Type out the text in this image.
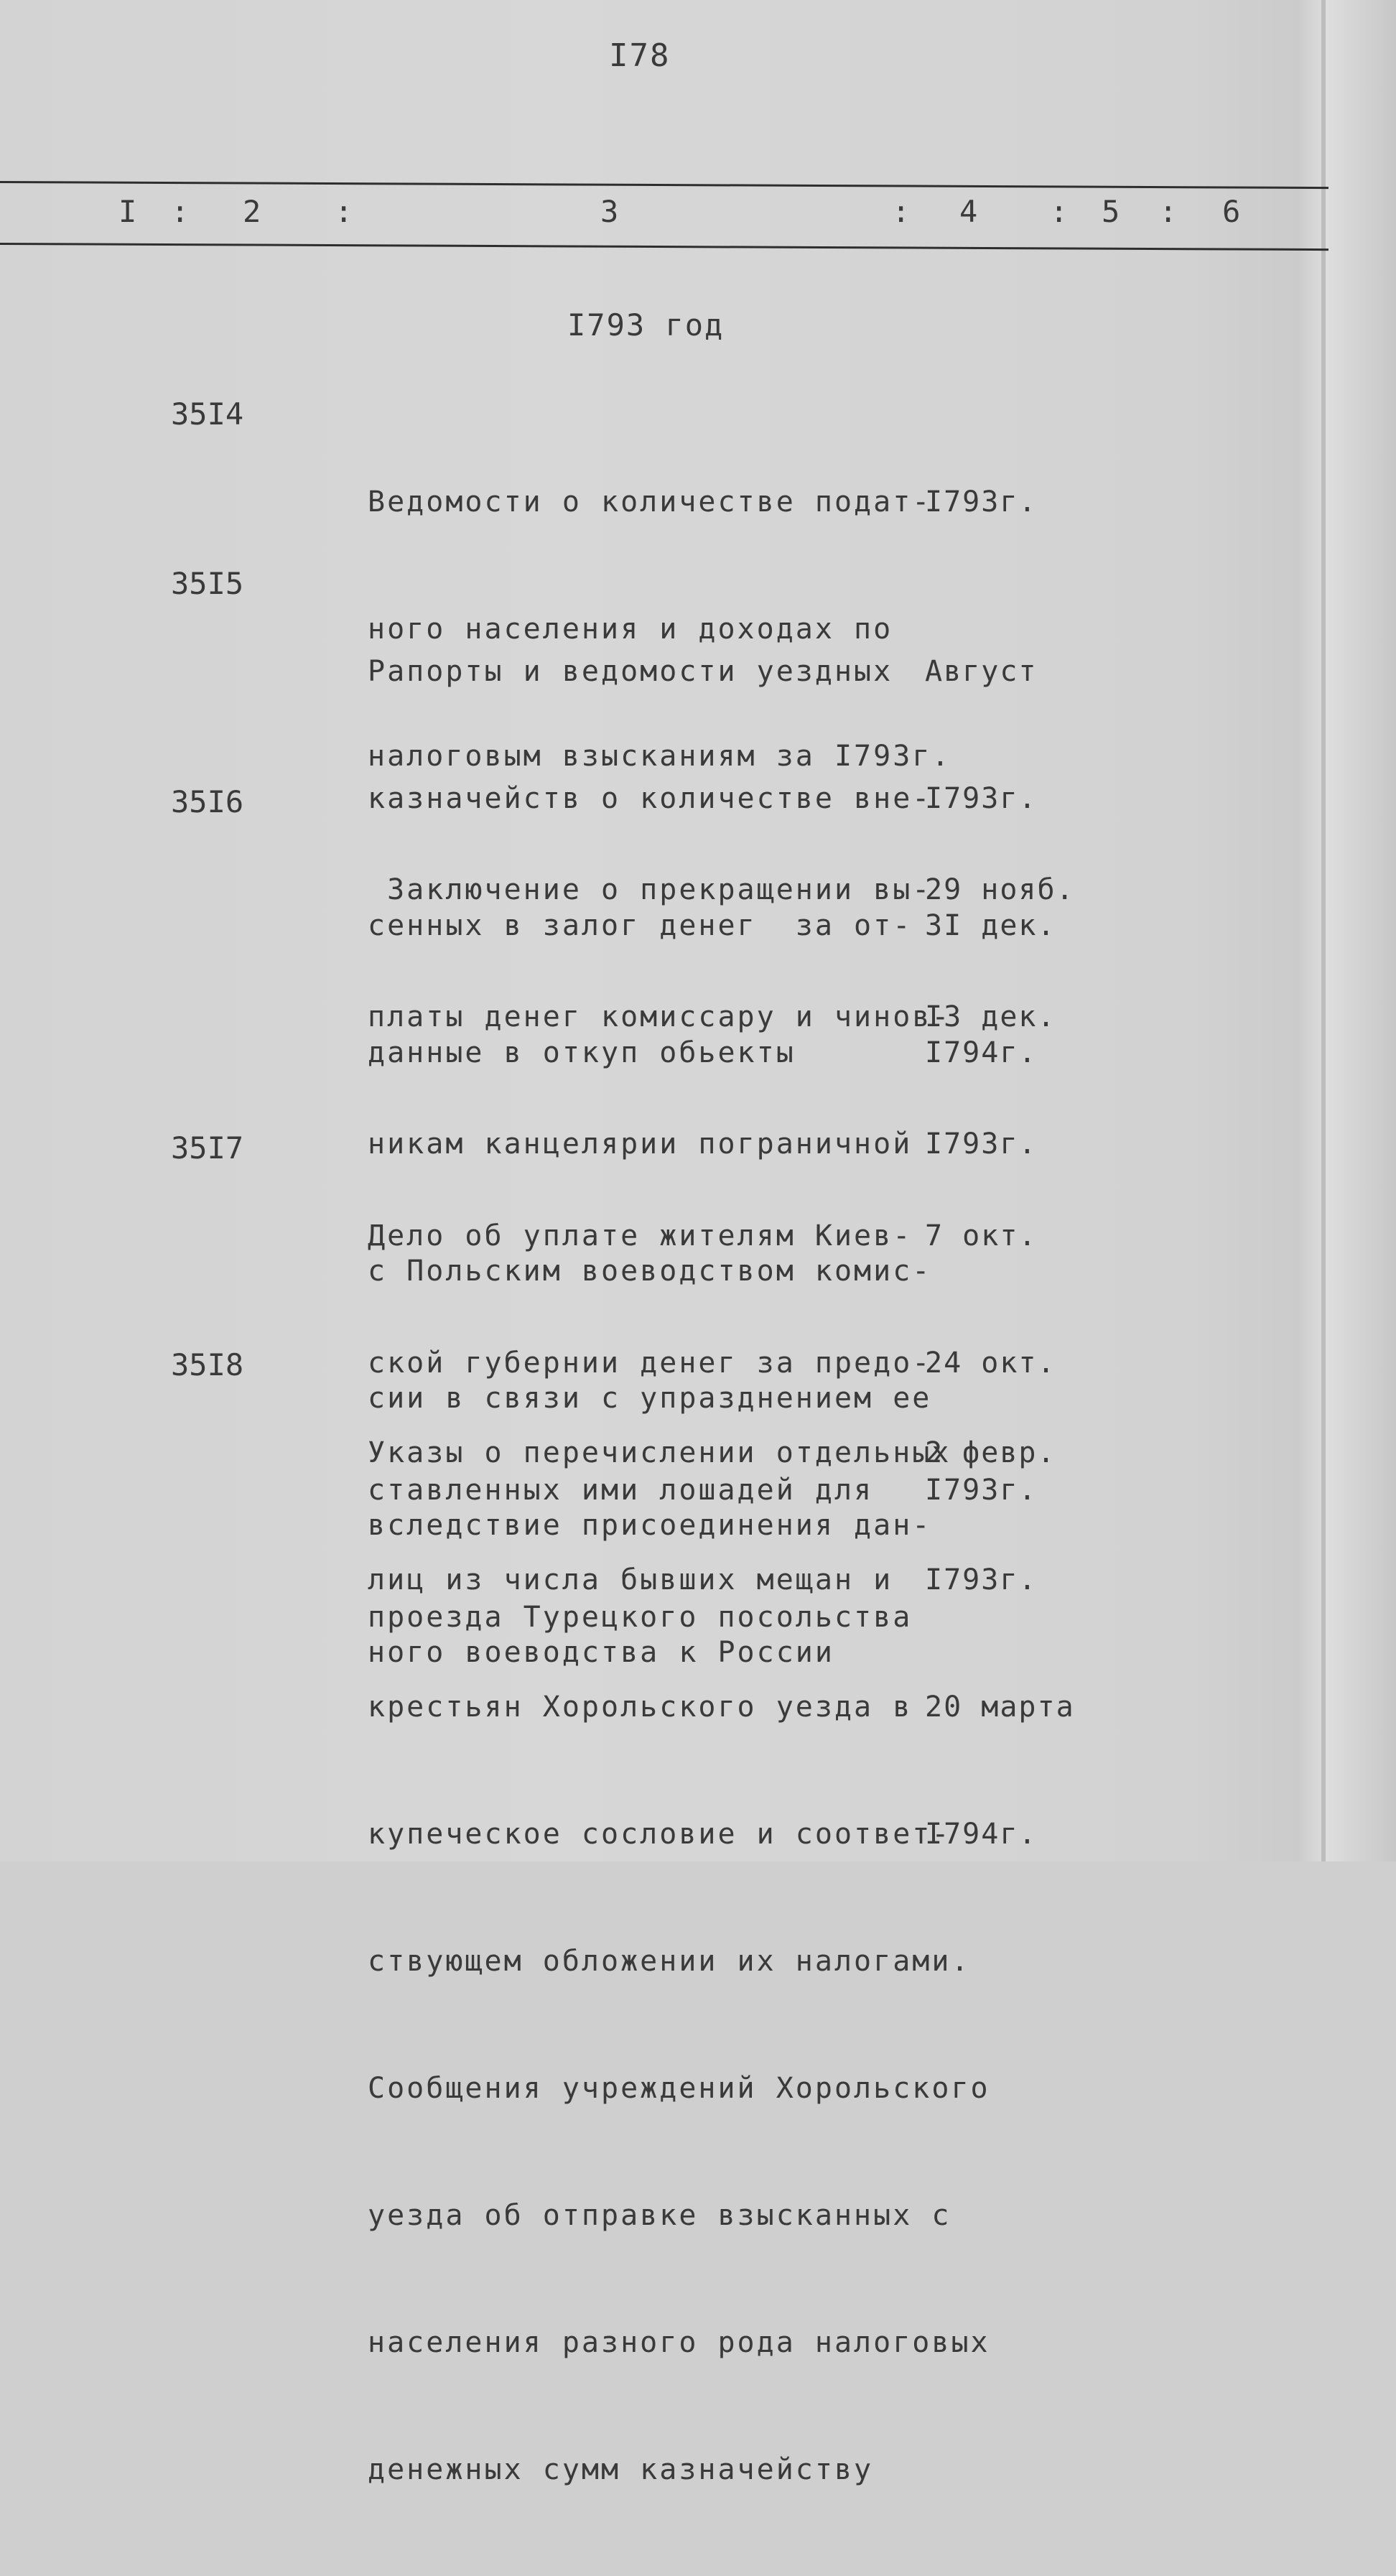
I78
I : 2 :	3	: 4 : 5 : 6
I793 год
35I4

Ведомости о количестве подат-

ного населения и доходах по

налоговым взысканиям за I793г.

I793г.

35I5

Рапорты и ведомости уездных

казначейств о количестве вне-

сенных в залог денег  за от-

данные в откуп обьекты

Август

I793г.

3I дек.

I794г.

35I6

Заключение о прекращении вы-

платы денег комиссару и чинов-

никам канцелярии пограничной

с Польским воеводством комис-

сии в связи с упразднением ее

вследствие присоединения дан-

ного воеводства к России

29 нояб.

I3 дек.

I793г.

35I7

Дело об уплате жителям Киев-

ской губернии денег за предо-

ставленных ими лошадей для

проезда Турецкого посольства

7 окт.

24 окт.

I793г.

35I8

Указы о перечислении отдельных

лиц из числа бывших мещан и

крестьян Хорольского уезда в

купеческое сословие и соответ-

ствующем обложении их налогами.

Сообщения учреждений Хорольского

уезда об отправке взысканных с

населения разного рода налоговых

денежных сумм казначейству

2 февр.

I793г.

20 марта

I794г.
